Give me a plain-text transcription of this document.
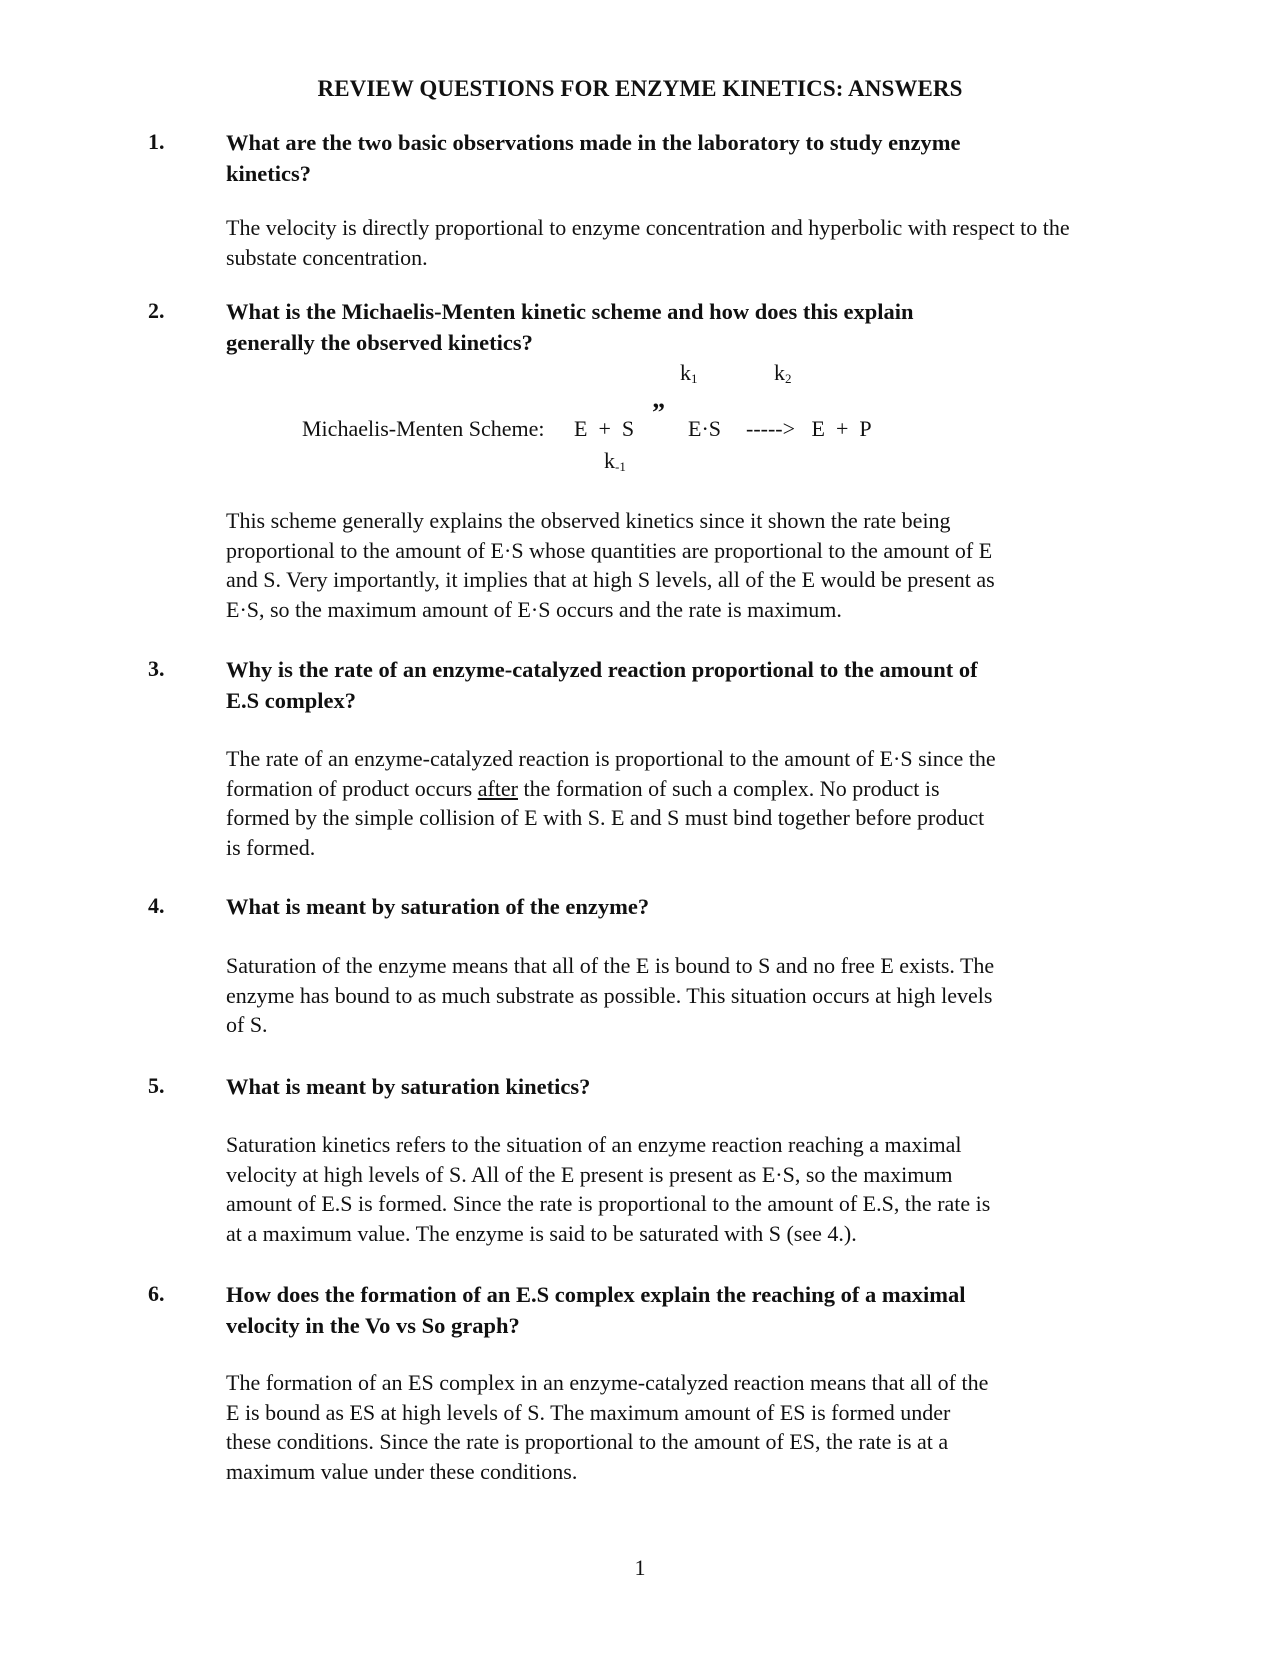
REVIEW QUESTIONS FOR ENZYME KINETICS: ANSWERS
1.	What are the two basic observations made in the laboratory to study enzyme
kinetics?
The velocity is directly proportional to enzyme concentration and hyperbolic with respect to the
substate concentration.
2.	What is the Michaelis-Menten kinetic scheme and how does this explain
generally the observed kinetics?
$k_1$	$k_2$
Michaelis-Menten Scheme: E  +  S
”
E·S ----->   E  +  P
$k_{-1}$
This scheme generally explains the observed kinetics since it shown the rate being
proportional to the amount of E·S whose quantities are proportional to the amount of E
and S. Very importantly, it implies that at high S levels, all of the E would be present as
E·S, so the maximum amount of E·S occurs and the rate is maximum.
3.	Why is the rate of an enzyme-catalyzed reaction proportional to the amount of
E.S complex?
The rate of an enzyme-catalyzed reaction is proportional to the amount of E·S since the
formation of product occurs after the formation of such a complex. No product is
formed by the simple collision of E with S. E and S must bind together before product
is formed.
4.	What is meant by saturation of the enzyme?
Saturation of the enzyme means that all of the E is bound to S and no free E exists. The
enzyme has bound to as much substrate as possible. This situation occurs at high levels
of S.
5.	What is meant by saturation kinetics?
Saturation kinetics refers to the situation of an enzyme reaction reaching a maximal
velocity at high levels of S. All of the E present is present as E·S, so the maximum
amount of E.S is formed. Since the rate is proportional to the amount of E.S, the rate is
at a maximum value. The enzyme is said to be saturated with S (see 4.).
6.	How does the formation of an E.S complex explain the reaching of a maximal
velocity in the Vo vs So graph?
The formation of an ES complex in an enzyme-catalyzed reaction means that all of the
E is bound as ES at high levels of S. The maximum amount of ES is formed under
these conditions. Since the rate is proportional to the amount of ES, the rate is at a
maximum value under these conditions.
1
